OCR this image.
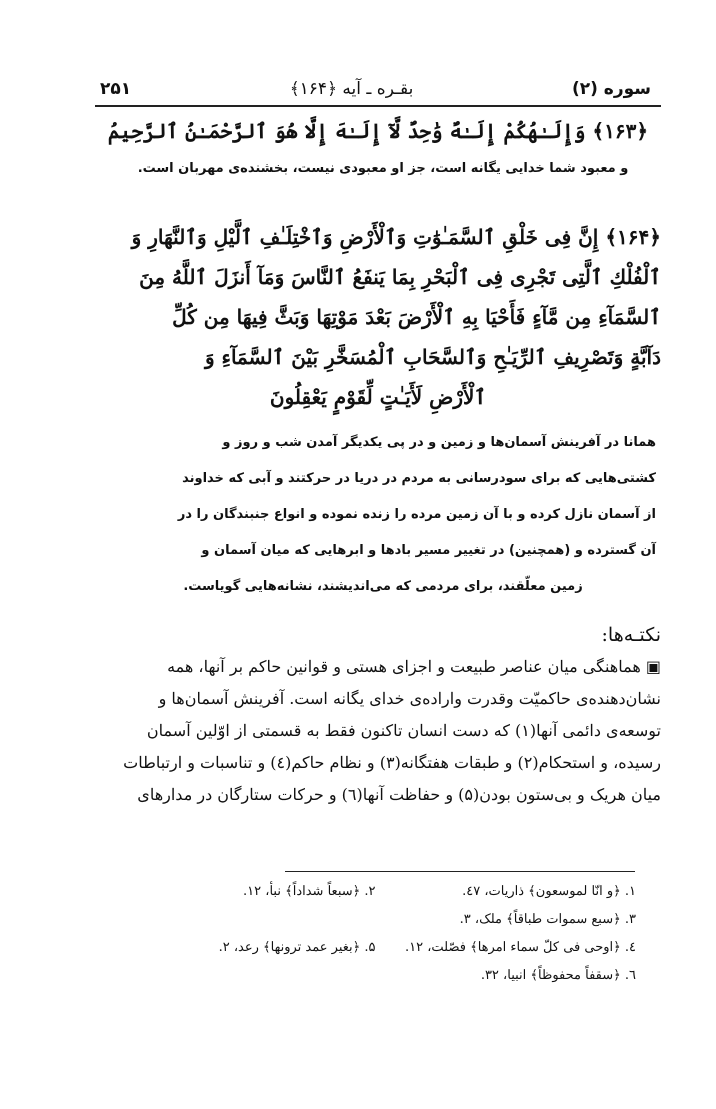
سوره (۲)
بقـره ـ آیه ﴿۱۶۴﴾
۲۵۱
﴿۱۶۳﴾ وَإِلَـٰهُكُمْ إِلَـٰهٌ وَٰحِدٌ لَّآ إِلَـٰهَ إِلَّا هُوَ ٱلرَّحْمَـٰنُ ٱلرَّحِيمُ
و معبود شما خدایی یگانه است، جز او معبودی نیست، بخشنده‌ی مهربان است.
﴿۱۶۴﴾ إِنَّ فِى خَلْقِ ٱلسَّمَـٰوَٰتِ وَٱلْأَرْضِ وَٱخْتِلَـٰفِ ٱلَّيْلِ وَٱلنَّهَارِ وَ
ٱلْفُلْكِ ٱلَّتِى تَجْرِى فِى ٱلْبَحْرِ بِمَا يَنفَعُ ٱلنَّاسَ وَمَآ أَنزَلَ ٱللَّهُ مِنَ
ٱلسَّمَآءِ مِن مَّآءٍ فَأَحْيَا بِهِ ٱلْأَرْضَ بَعْدَ مَوْتِهَا وَبَثَّ فِيهَا مِن كُلِّ
دَآبَّةٍ وَتَصْرِيفِ ٱلرِّيَـٰحِ وَٱلسَّحَابِ ٱلْمُسَخَّرِ بَيْنَ ٱلسَّمَآءِ وَ
ٱلْأَرْضِ لَأَيَـٰتٍ لِّقَوْمٍ يَعْقِلُونَ
همانا در آفرینش آسمان‌ها و زمین و در پی یکدیگر آمدن شب و روز و
کشتی‌هایی که برای سودرسانی به مردم در دریا در حرکتند و آبی که خداوند
از آسمان نازل کرده و با آن زمین مرده را زنده نموده و انواع جنبندگان را در
آن گسترده و (همچنین) در تغییر مسیر بادها و ابرهایی که میان آسمان و
زمین معلّقند، برای مردمی که می‌اندیشند، نشانه‌هایی گویاست.
نکتـه‌ها:
▣ هماهنگی میان عناصر طبیعت و اجزای هستی و قوانین حاکم بر آنها، همه
نشان‌دهنده‌ی حاکمیّت وقدرت واراده‌ی خدای یگانه است. آفرینش آسمان‌ها و
توسعه‌ی دائمی آنها(۱) که دست انسان تاکنون فقط به قسمتی از اوّلین آسمان
رسیده، و استحکام(۲) و طبقات هفتگانه(۳) و نظام حاکم(٤) و تناسبات و ارتباطات
میان هریک و بی‌ستون بودن(۵) و حفاظت آنها(٦) و حرکات ستارگان در مدارهای
۱. ﴿و انّا لموسعون﴾ ذاریات، ٤۷.
۲. ﴿سبعاً شداداً﴾ نبأ، ۱۲.
۳. ﴿سبع سموات طباقاً﴾ ملک، ۳.
٤. ﴿اوحى فى كلّ سماء امرها﴾ فصّلت، ۱۲.
۵. ﴿بغير عمد ترونها﴾ رعد، ۲.
٦. ﴿سقفاً محفوظاً﴾ انبيا، ۳۲.
